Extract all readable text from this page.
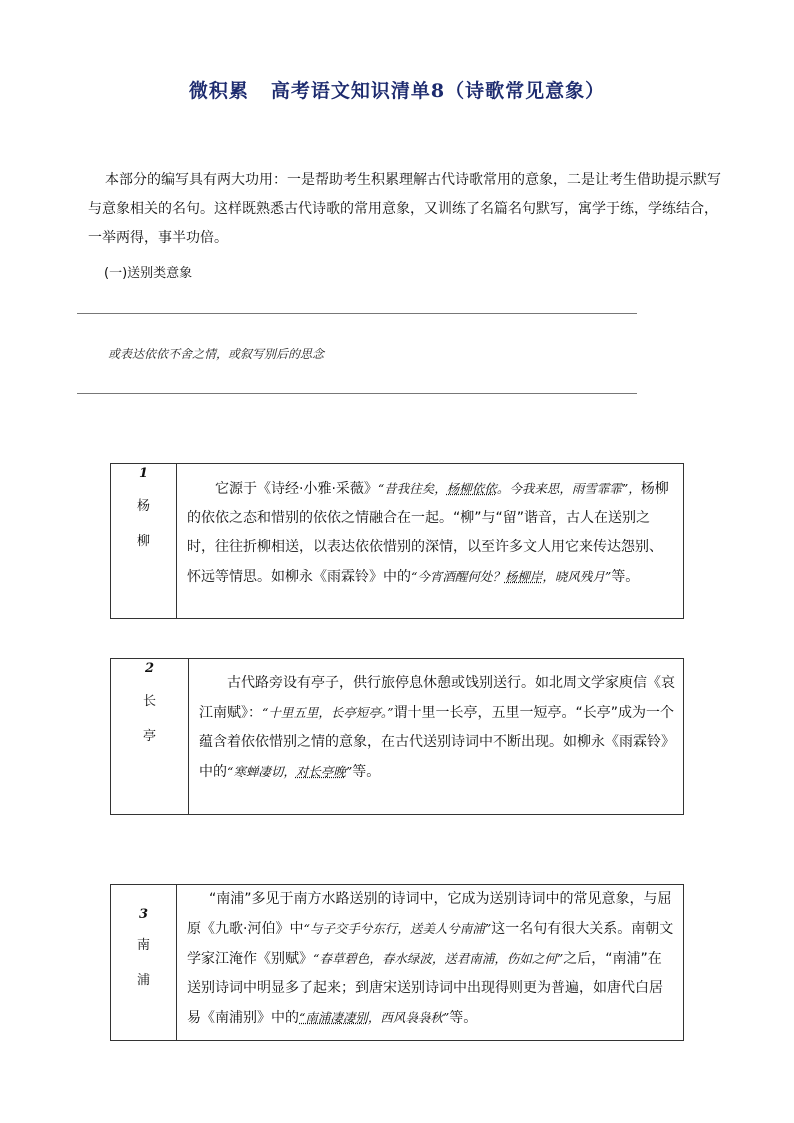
微积累 高考语文知识清单8（诗歌常见意象）
本部分的编写具有两大功用：一是帮助考生积累理解古代诗歌常用的意象，二是让考生借助提示默写与意象相关的名句。这样既熟悉古代诗歌的常用意象，又训练了名篇名句默写，寓学于练，学练结合，一举两得，事半功倍。
(一)送别类意象
或表达依依不舍之情，或叙写别后的思念
1
杨
柳
它源于《诗经·小雅·采薇》“昔我往矣，杨柳依依。今我来思，雨雪霏霏”，杨柳的依依之态和惜别的依依之情融合在一起。“柳”与“留”谐音，古人在送别之时，往往折柳相送，以表达依依惜别的深情，以至许多文人用它来传达怨别、怀远等情思。如柳永《雨霖铃》中的“今宵酒醒何处？杨柳岸，晓风残月”等。
2
长
亭
古代路旁设有亭子，供行旅停息休憩或饯别送行。如北周文学家庾信《哀江南赋》：“十里五里，长亭短亭。”谓十里一长亭，五里一短亭。“长亭”成为一个蕴含着依依惜别之情的意象，在古代送别诗词中不断出现。如柳永《雨霖铃》中的“寒蝉凄切，对长亭晚”等。
3
南
浦
“南浦”多见于南方水路送别的诗词中，它成为送别诗词中的常见意象，与屈原《九歌·河伯》中“与子交手兮东行，送美人兮南浦”这一名句有很大关系。南朝文学家江淹作《别赋》“春草碧色，春水绿波，送君南浦，伤如之何”之后，“南浦”在送别诗词中明显多了起来；到唐宋送别诗词中出现得则更为普遍，如唐代白居易《南浦别》中的“南浦凄凄别，西风袅袅秋”等。
